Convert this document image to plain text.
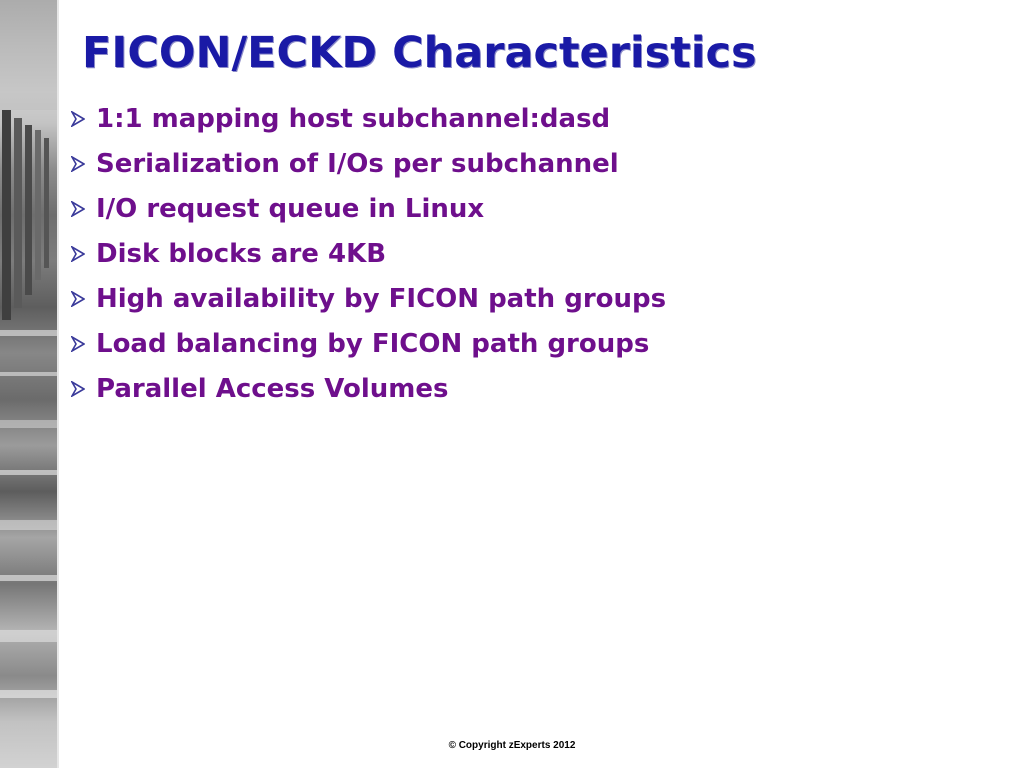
FICON/ECKD Characteristics
1:1 mapping host subchannel:dasd
Serialization of I/Os per subchannel
I/O request queue in Linux
Disk blocks are 4KB
High availability by FICON path groups
Load balancing by FICON path groups
Parallel Access Volumes
© Copyright zExperts 2012
